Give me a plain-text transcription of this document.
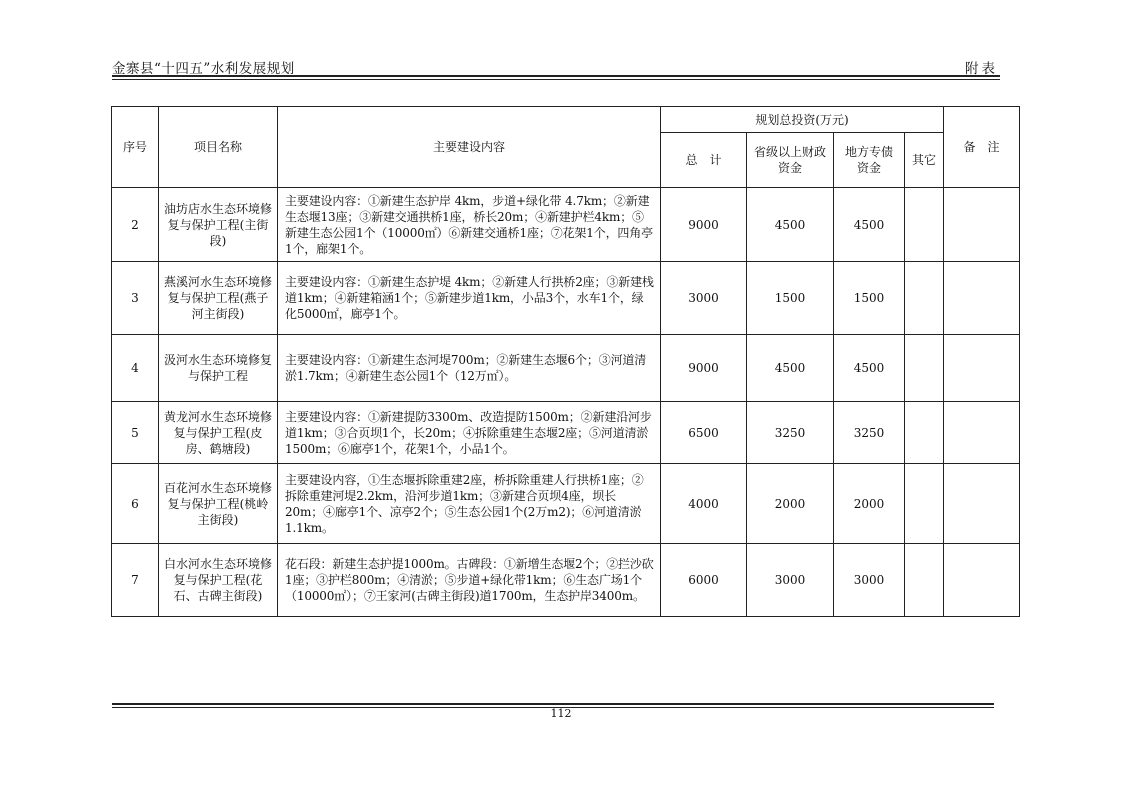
金寨县“十四五”水利发展规划	附表
序号	项目名称	主要建设内容	规划总投资(万元)				备　注
			总　计	省级以上财政资金	地方专债资金	其它	
2	油坊店水生态环境修复与保护工程(主街段)	主要建设内容：①新建生态护岸 4km，步道+绿化带 4.7km；②新建生态堰13座；③新建交通拱桥1座，桥长20m；④新建护栏4km；⑤新建生态公园1个（10000㎡）⑥新建交通桥1座；⑦花架1个，四角亭1个，廊架1个。	9000	4500	4500		
3	燕溪河水生态环境修复与保护工程(燕子河主街段)	主要建设内容：①新建生态护堤 4km；②新建人行拱桥2座；③新建栈道1km；④新建箱涵1个；⑤新建步道1km，小品3个，水车1个，绿化5000㎡，廊亭1个。	3000	1500	1500		
4	汲河水生态环境修复与保护工程	主要建设内容：①新建生态河堤700m；②新建生态堰6个；③河道清淤1.7km；④新建生态公园1个（12万㎡）。	9000	4500	4500		
5	黄龙河水生态环境修复与保护工程(皮房、鹤塘段)	主要建设内容：①新建提防3300m、改造提防1500m；②新建沿河步道1km；③合页坝1个，长20m；④拆除重建生态堰2座；⑤河道清淤1500m；⑥廊亭1个，花架1个，小品1个。	6500	3250	3250		
6	百花河水生态环境修复与保护工程(桃岭主街段)	主要建设内容，①生态堰拆除重建2座，桥拆除重建人行拱桥1座；②拆除重建河堤2.2km，沿河步道1km；③新建合页坝4座，坝长20m；④廊亭1个、凉亭2个；⑤生态公园1个(2万m2)；⑥河道清淤1.1km。	4000	2000	2000		
7	白水河水生态环境修复与保护工程(花石、古碑主街段)	花石段：新建生态护提1000m。古碑段：①新增生态堰2个；②拦沙砍1座；③护栏800m；④清淤；⑤步道+绿化带1km；⑥生态广场1个（10000㎡）；⑦王家河(古碑主街段)道1700m，生态护岸3400m。	6000	3000	3000		
112
